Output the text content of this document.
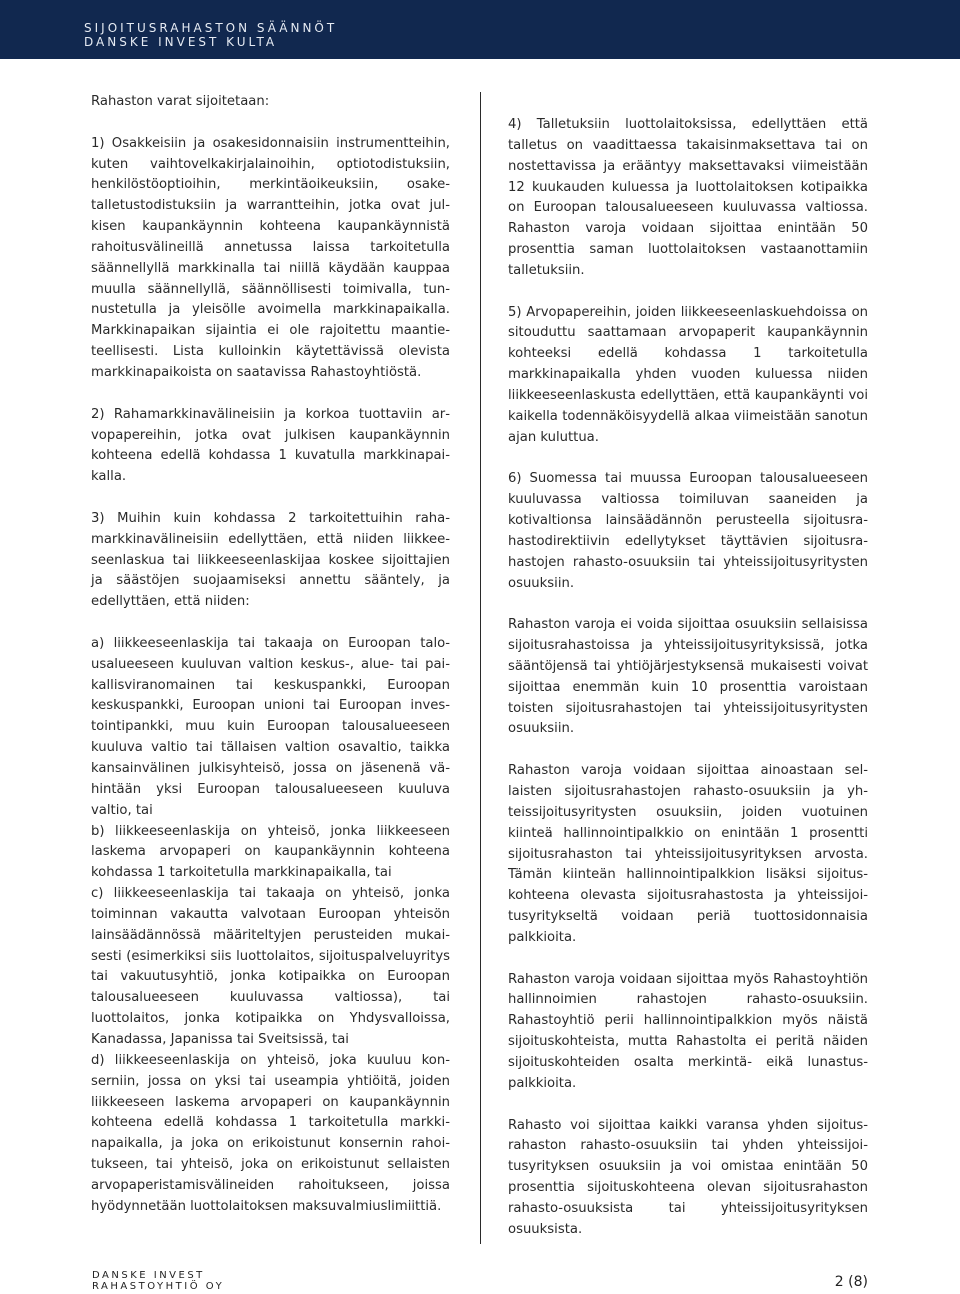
SIJOITUSRAHASTON SÄÄNNÖT
DANSKE INVEST KULTA

Rahaston varat sijoitetaan:

1) Osakkeisiin ja osakesidonnaisiin instrumentteihin, kuten vaihtovelkakirjalainoihin, optiotodistuksiin, henkilöstöoptioihin, merkintäoikeuksiin, osaketalletustodistuksiin ja warrantteihin, jotka ovat julkisen kaupankäynnin kohteena kaupankäynnistä rahoitusvälineillä annetussa laissa tarkoitetulla säännellyllä markkinalla tai niillä käydään kauppaa muulla säännellyllä, säännöllisesti toimivalla, tunnustetulla ja yleisölle avoimella markkinapaikalla. Markkinapaikan sijaintia ei ole rajoitettu maantieteellisesti. Lista kulloinkin käytettävissä olevista markkinapaikoista on saatavissa Rahastoyhtiöstä.

2) Rahamarkkinavälineisiin ja korkoa tuottaviin arvopapereihin, jotka ovat julkisen kaupankäynnin kohteena edellä kohdassa 1 kuvatulla markkinapaikalla.

3) Muihin kuin kohdassa 2 tarkoitettuihin rahamarkkinavälineisiin edellyttäen, että niiden liikkeeseenlaskua tai liikkeeseenlaskijaa koskee sijoittajien ja säästöjen suojaamiseksi annettu sääntely, ja edellyttäen, että niiden:

a) liikkeeseenlaskija tai takaaja on Euroopan talousalueeseen kuuluvan valtion keskus-, alue- tai paikallisviranomainen tai keskuspankki, Euroopan keskuspankki, Euroopan unioni tai Euroopan investointipankki, muu kuin Euroopan talousalueeseen kuuluva valtio tai tällaisen valtion osavaltio, taikka kansainvälinen julkisyhteisö, jossa on jäsenenä vähintään yksi Euroopan talousalueeseen kuuluva valtio, tai
b) liikkeeseenlaskija on yhteisö, jonka liikkeeseen laskema arvopaperi on kaupankäynnin kohteena kohdassa 1 tarkoitetulla markkinapaikalla, tai
c) liikkeeseenlaskija tai takaaja on yhteisö, jonka toiminnan vakautta valvotaan Euroopan yhteisön lainsäädännössä määriteltyjen perusteiden mukaisesti (esimerkiksi siis luottolaitos, sijoituspalveluyritys tai vakuutusyhtiö, jonka kotipaikka on Euroopan talousalueeseen kuuluvassa valtiossa), tai luottolaitos, jonka kotipaikka on Yhdysvalloissa, Kanadassa, Japanissa tai Sveitsissä, tai
d) liikkeeseenlaskija on yhteisö, joka kuuluu konserniin, jossa on yksi tai useampia yhtiöitä, joiden liikkeeseen laskema arvopaperi on kaupankäynnin kohteena edellä kohdassa 1 tarkoitetulla markkinapaikalla, ja joka on erikoistunut konsernin rahoitukseen, tai yhteisö, joka on erikoistunut sellaisten arvopaperistamisvälineiden rahoitukseen, joissa hyödynnetään luottolaitoksen maksuvalmiuslimiittiä.

4) Talletuksiin luottolaitoksissa, edellyttäen että talletus on vaadittaessa takaisinmaksettava tai on nostettavissa ja erääntyy maksettavaksi viimeistään 12 kuukauden kuluessa ja luottolaitoksen kotipaikka on Euroopan talousalueeseen kuuluvassa valtiossa. Rahaston varoja voidaan sijoittaa enintään 50 prosenttia saman luottolaitoksen vastaanottamiin talletuksiin.

5) Arvopapereihin, joiden liikkeeseenlaskuehdoissa on sitouduttu saattamaan arvopaperit kaupankäynnin kohteeksi edellä kohdassa 1 tarkoitetulla markkinapaikalla yhden vuoden kuluessa niiden liikkeeseenlaskusta edellyttäen, että kaupankäynti voi kaikella todennäköisyydellä alkaa viimeistään sanotun ajan kuluttua.

6) Suomessa tai muussa Euroopan talousalueeseen kuuluvassa valtiossa toimiluvan saaneiden ja kotivaltionsa lainsäädännön perusteella sijoitusrahastodirektiivin edellytykset täyttävien sijoitusrahastojen rahasto-osuuksiin tai yhteissijoitusyritysten osuuksiin.

Rahaston varoja ei voida sijoittaa osuuksiin sellaisissa sijoitusrahastoissa ja yhteissijoitusyrityksissä, jotka sääntöjensä tai yhtiöjärjestyksensä mukaisesti voivat sijoittaa enemmän kuin 10 prosenttia varoistaan toisten sijoitusrahastojen tai yhteissijoitusyritysten osuuksiin.

Rahaston varoja voidaan sijoittaa ainoastaan sellaisten sijoitusrahastojen rahasto-osuuksiin ja yhteissijoitusyritysten osuuksiin, joiden vuotuinen kiinteä hallinnointipalkkio on enintään 1 prosentti sijoitusrahaston tai yhteissijoitusyrityksen arvosta. Tämän kiinteän hallinnointipalkkion lisäksi sijoituskohteena olevasta sijoitusrahastosta ja yhteissijoitusyritykseltä voidaan periä tuottosidonnaisia palkkioita.

Rahaston varoja voidaan sijoittaa myös Rahastoyhtiön hallinnoimien rahastojen rahasto-osuuksiin. Rahastoyhtiö perii hallinnointipalkkion myös näistä sijoituskohteista, mutta Rahastolta ei peritä näiden sijoituskohteiden osalta merkintä- eikä lunastuspalkkioita.

Rahasto voi sijoittaa kaikki varansa yhden sijoitusrahaston rahasto-osuuksiin tai yhden yhteissijoitusyrityksen osuuksiin ja voi omistaa enintään 50 prosenttia sijoituskohteena olevan sijoitusrahaston rahasto-osuuksista tai yhteissijoitusyrityksen osuuksista.

DANSKE INVEST
RAHASTOYHTIÖ OY	2 (8)
